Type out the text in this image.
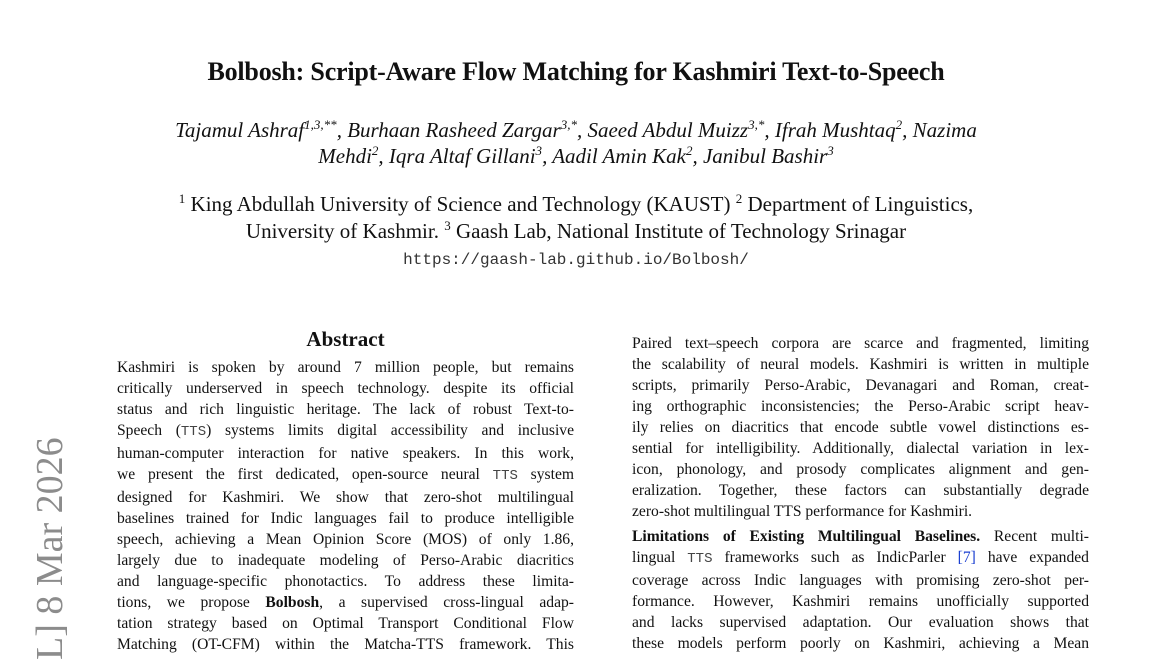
Bolbosh: Script-Aware Flow Matching for Kashmiri Text-to-Speech
Tajamul Ashraf$^{1,3,**}$, Burhaan Rasheed Zargar$^{3,*}$, Saeed Abdul Muizz$^{3,*}$, Ifrah Mushtaq$^2$, Nazima
Mehdi$^2$, Iqra Altaf Gillani$^3$, Aadil Amin Kak$^2$, Janibul Bashir$^3$
$^1$ King Abdullah University of Science and Technology (KAUST) $^2$ Department of Linguistics,
University of Kashmir. $^3$ Gaash Lab, National Institute of Technology Srinagar
https://gaash-lab.github.io/Bolbosh/
Abstract
Kashmiri is spoken by around 7 million people, but remains
critically underserved in speech technology. despite its official
status and rich linguistic heritage. The lack of robust Text-to-
Speech (TTS) systems limits digital accessibility and inclusive
human-computer interaction for native speakers. In this work,
we present the first dedicated, open-source neural TTS system
designed for Kashmiri. We show that zero-shot multilingual
baselines trained for Indic languages fail to produce intelligible
speech, achieving a Mean Opinion Score (MOS) of only 1.86,
largely due to inadequate modeling of Perso-Arabic diacritics
and language-specific phonotactics. To address these limita-
tions, we propose Bolbosh, a supervised cross-lingual adap-
tation strategy based on Optimal Transport Conditional Flow
Matching (OT-CFM) within the Matcha-TTS framework. This
Paired text–speech corpora are scarce and fragmented, limiting
the scalability of neural models. Kashmiri is written in multiple
scripts, primarily Perso-Arabic, Devanagari and Roman, creat-
ing orthographic inconsistencies; the Perso-Arabic script heav-
ily relies on diacritics that encode subtle vowel distinctions es-
sential for intelligibility. Additionally, dialectal variation in lex-
icon, phonology, and prosody complicates alignment and gen-
eralization. Together, these factors can substantially degrade
zero-shot multilingual TTS performance for Kashmiri.
Limitations of Existing Multilingual Baselines. Recent multi-
lingual TTS frameworks such as IndicParler [7] have expanded
coverage across Indic languages with promising zero-shot per-
formance. However, Kashmiri remains unofficially supported
and lacks supervised adaptation. Our evaluation shows that
these models perform poorly on Kashmiri, achieving a Mean
L] 8 Mar 2026
